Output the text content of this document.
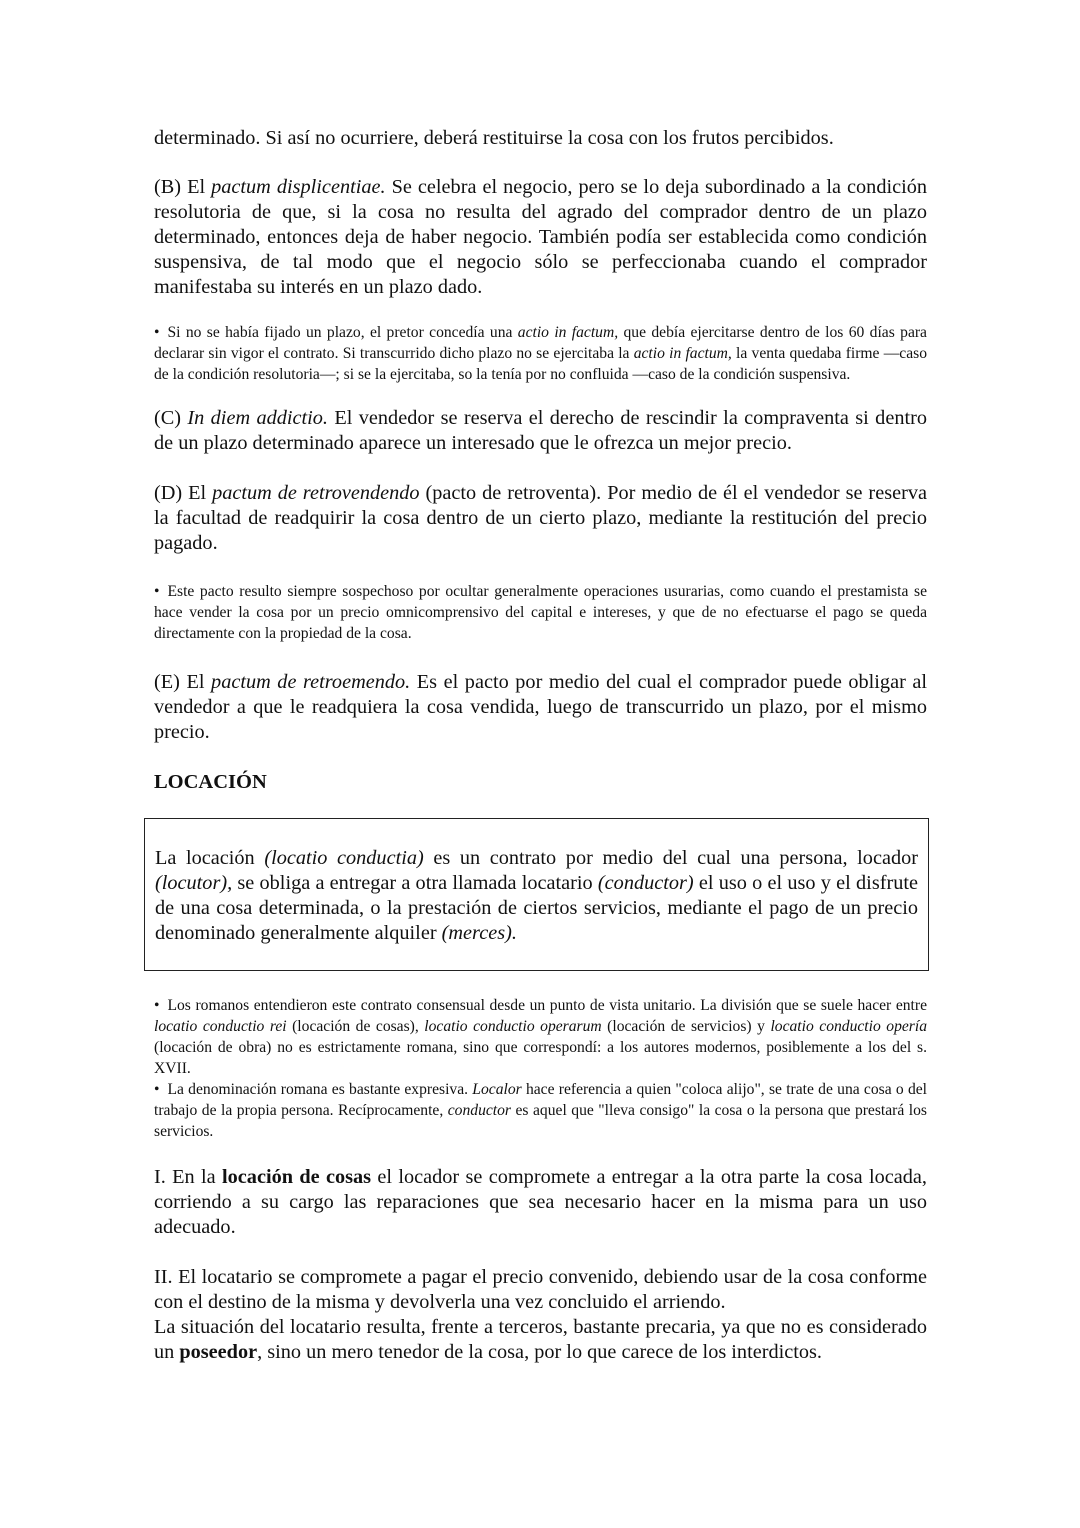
determinado. Si así no ocurriere, deberá restituirse la cosa con los frutos percibidos.

(B) El pactum displicentiae. Se celebra el negocio, pero se lo deja subordinado a la condición resolutoria de que, si la cosa no resulta del agrado del comprador dentro de un plazo determinado, entonces deja de haber negocio. También podía ser establecida como condición suspensiva, de tal modo que el negocio sólo se perfeccionaba cuando el comprador manifestaba su interés en un plazo dado.

• Si no se había fijado un plazo, el pretor concedía una actio in factum, que debía ejercitarse dentro de los 60 días para declarar sin vigor el contrato. Si transcurrido dicho plazo no se ejercitaba la actio in factum, la venta quedaba firme —caso de la condición resolutoria—; si se la ejercitaba, so la tenía por no confluida —caso de la condición suspensiva.

(C) In diem addictio. El vendedor se reserva el derecho de rescindir la compraventa si dentro de un plazo determinado aparece un interesado que le ofrezca un mejor precio.

(D) El pactum de retrovendendo (pacto de retroventa). Por medio de él el vendedor se reserva la facultad de readquirir la cosa dentro de un cierto plazo, mediante la restitución del precio pagado.

• Este pacto resulto siempre sospechoso por ocultar generalmente operaciones usurarias, como cuando el prestamista se hace vender la cosa por un precio omnicomprensivo del capital e intereses, y que de no efectuarse el pago se queda directamente con la propiedad de la cosa.

(E) El pactum de retroemendo. Es el pacto por medio del cual el comprador puede obligar al vendedor a que le readquiera la cosa vendida, luego de transcurrido un plazo, por el mismo precio.

LOCACIÓN

La locación (locatio conductia) es un contrato por medio del cual una persona, locador (locutor), se obliga a entregar a otra llamada locatario (conductor) el uso o el uso y el disfrute de una cosa determinada, o la prestación de ciertos servicios, mediante el pago de un precio denominado generalmente alquiler (merces).

• Los romanos entendieron este contrato consensual desde un punto de vista unitario. La división que se suele hacer entre locatio conductio rei (locación de cosas), locatio conductio operarum (locación de servicios) y locatio conductio opería (locación de obra) no es estrictamente romana, sino que correspondí: a los autores modernos, posiblemente a los del s. XVII.

• La denominación romana es bastante expresiva. Localor hace referencia a quien "coloca alijo", se trate de una cosa o del trabajo de la propia persona. Recíprocamente, conductor es aquel que "lleva consigo" la cosa o la persona que prestará los servicios.

I. En la locación de cosas el locador se compromete a entregar a la otra parte la cosa locada, corriendo a su cargo las reparaciones que sea necesario hacer en la misma para un uso adecuado.

II. El locatario se compromete a pagar el precio convenido, debiendo usar de la cosa conforme con el destino de la misma y devolverla una vez concluido el arriendo.

La situación del locatario resulta, frente a terceros, bastante precaria, ya que no es considerado un poseedor, sino un mero tenedor de la cosa, por lo que carece de los interdictos.
